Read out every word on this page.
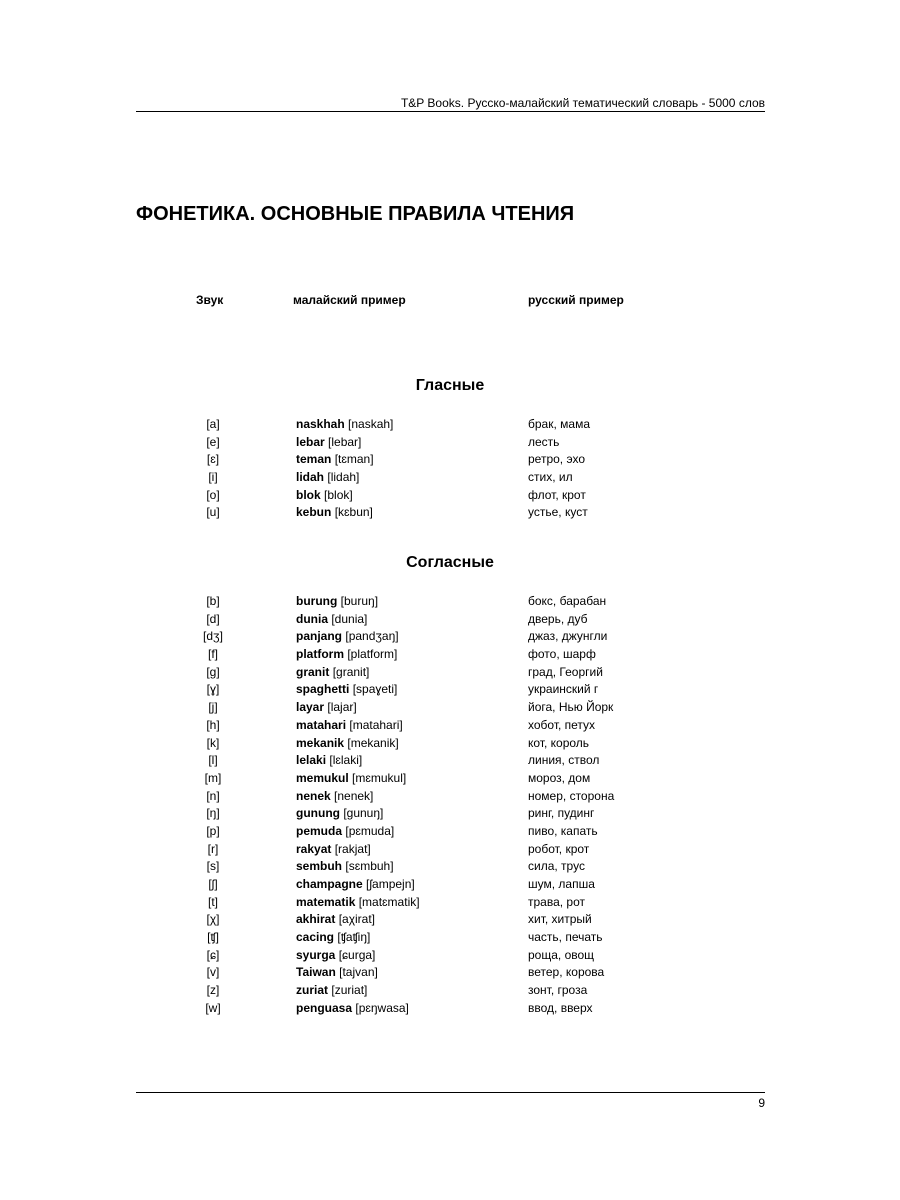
T&P Books. Русско-малайский тематический словарь - 5000 слов
ФОНЕТИКА. ОСНОВНЫЕ ПРАВИЛА ЧТЕНИЯ
Звук	малайский пример	русский пример
Гласные
[a]	naskhah [naskah]	брак, мама
[e]	lebar [lebar]	лесть
[ɛ]	teman [tɛman]	ретро, эхо
[i]	lidah [lidah]	стих, ил
[o]	blok [blok]	флот, крот
[u]	kebun [kɛbun]	устье, куст
Согласные
[b]	burung [buruŋ]	бокс, барабан
[d]	dunia [dunia]	дверь, дуб
[dʒ]	panjang [pandʒaŋ]	джаз, джунгли
[f]	platform [platform]	фото, шарф
[g]	granit [granit]	град, Георгий
[ɣ]	spaghetti [spaɣeti]	украинский г
[j]	layar [lajar]	йога, Нью Йорк
[h]	matahari [matahari]	хобот, петух
[k]	mekanik [mekanik]	кот, король
[l]	lelaki [lɛlaki]	линия, ствол
[m]	memukul [mɛmukul]	мороз, дом
[n]	nenek [nenek]	номер, сторона
[ŋ]	gunung [gunuŋ]	ринг, пудинг
[p]	pemuda [pɛmuda]	пиво, капать
[r]	rakyat [rakjat]	робот, крот
[s]	sembuh [sɛmbuh]	сила, трус
[ʃ]	champagne [ʃampejn]	шум, лапша
[t]	matematik [matɛmatik]	трава, рот
[χ]	akhirat [aχirat]	хит, хитрый
[ʧ]	cacing [ʧaʧiŋ]	часть, печать
[ɕ]	syurga [ɕurga]	роща, овощ
[v]	Taiwan [tajvan]	ветер, корова
[z]	zuriat [zuriat]	зонт, гроза
[w]	penguasa [pɛŋwasa]	ввод, вверх
9
